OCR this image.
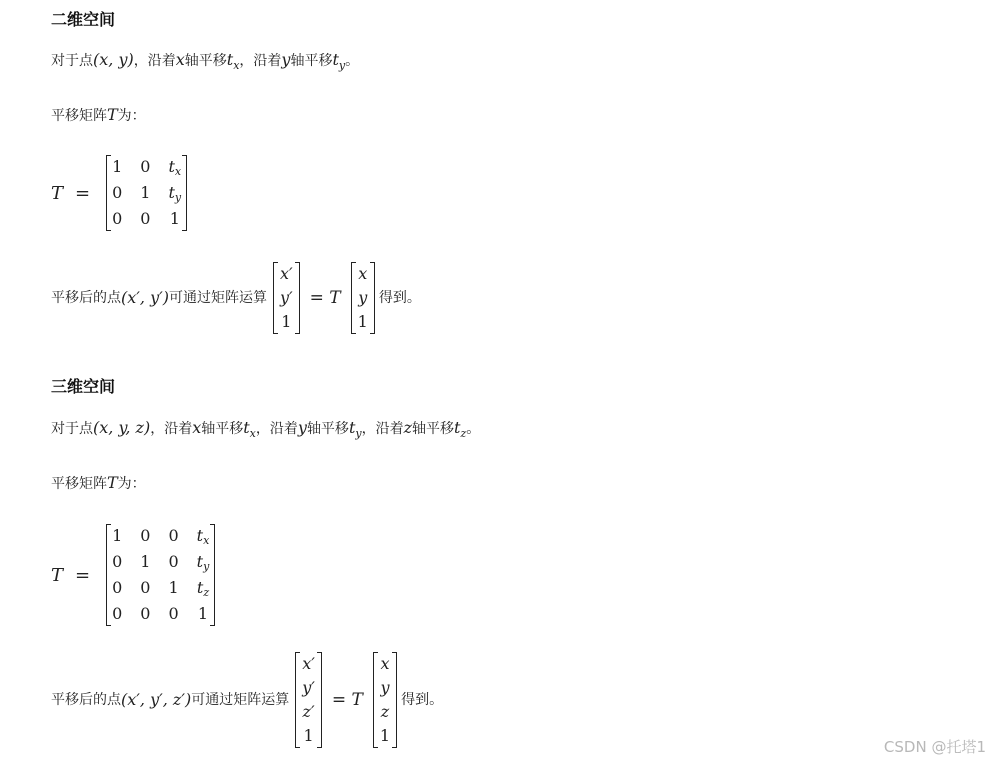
二维空间
对于点(x, y)，沿着x轴平移$t_x$，沿着y轴平移$t_y$。
平移矩阵T为：
T =
1 0 tx
0 1 ty
0 0 1
平移后的点 (x′, y′) 可通过矩阵运算
x′
y′
1
= T
x
y
1
得到。
三维空间
对于点(x, y, z)，沿着x轴平移$t_x$，沿着y轴平移$t_y$，沿着z轴平移$t_z$。
平移矩阵T为：
T =
1 0 0 tx
0 1 0 ty
0 0 1 tz
0 0 0 1
平移后的点 (x′, y′, z′) 可通过矩阵运算
x′
y′
z′
1
= T
x
y
z
1
得到。
CSDN @托塔1
